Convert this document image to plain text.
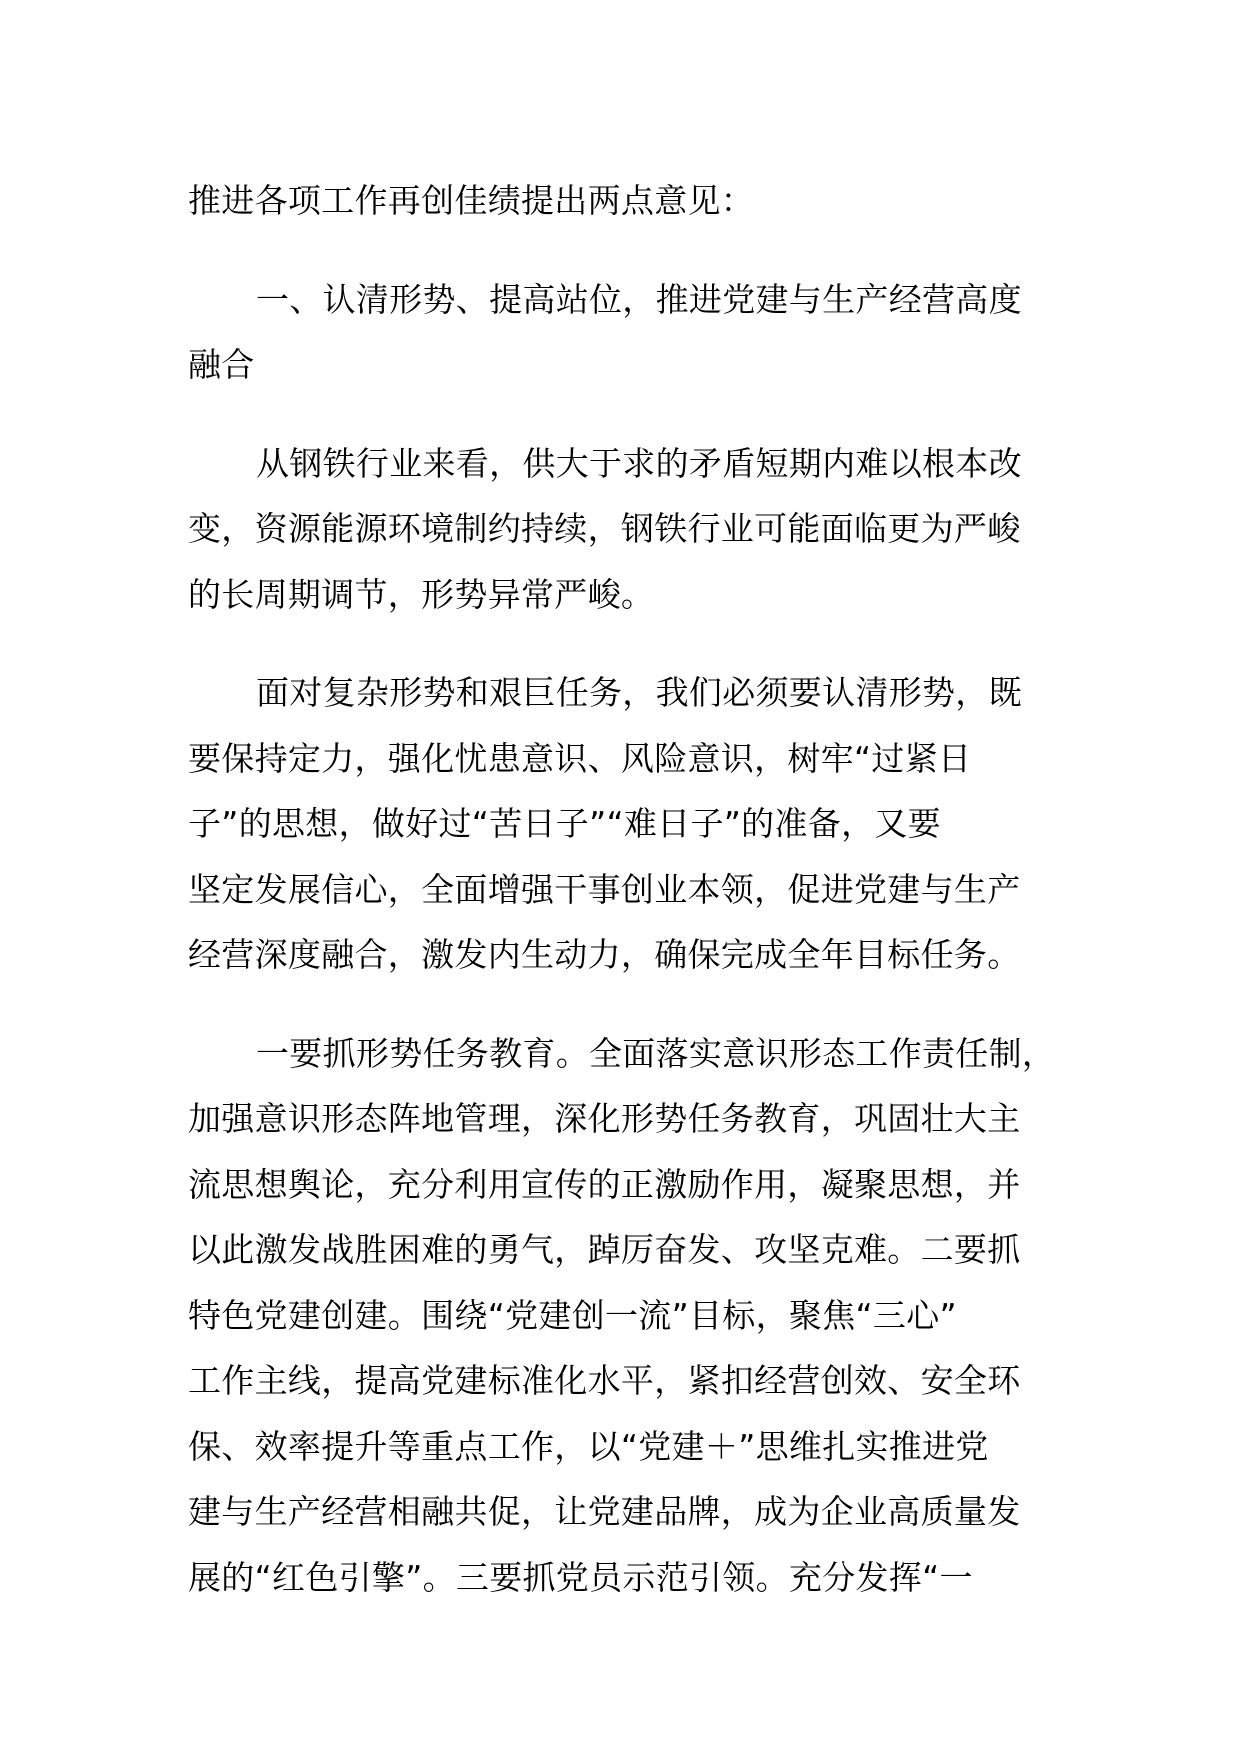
推进各项工作再创佳绩提出两点意见：
一、认清形势、提高站位，推进党建与生产经营高度
融合
从钢铁行业来看，供大于求的矛盾短期内难以根本改
变，资源能源环境制约持续，钢铁行业可能面临更为严峻
的长周期调节，形势异常严峻。
面对复杂形势和艰巨任务，我们必须要认清形势，既
要保持定力，强化忧患意识、风险意识，树牢“过紧日
子”的思想，做好过“苦日子”“难日子”的准备，又要
坚定发展信心，全面增强干事创业本领，促进党建与生产
经营深度融合，激发内生动力，确保完成全年目标任务。
一要抓形势任务教育。全面落实意识形态工作责任制，
加强意识形态阵地管理，深化形势任务教育，巩固壮大主
流思想舆论，充分利用宣传的正激励作用，凝聚思想，并
以此激发战胜困难的勇气，踔厉奋发、攻坚克难。二要抓
特色党建创建。围绕“党建创一流”目标，聚焦“三心”
工作主线，提高党建标准化水平，紧扣经营创效、安全环
保、效率提升等重点工作，以“党建＋”思维扎实推进党
建与生产经营相融共促，让党建品牌，成为企业高质量发
展的“红色引擎”。三要抓党员示范引领。充分发挥“一
